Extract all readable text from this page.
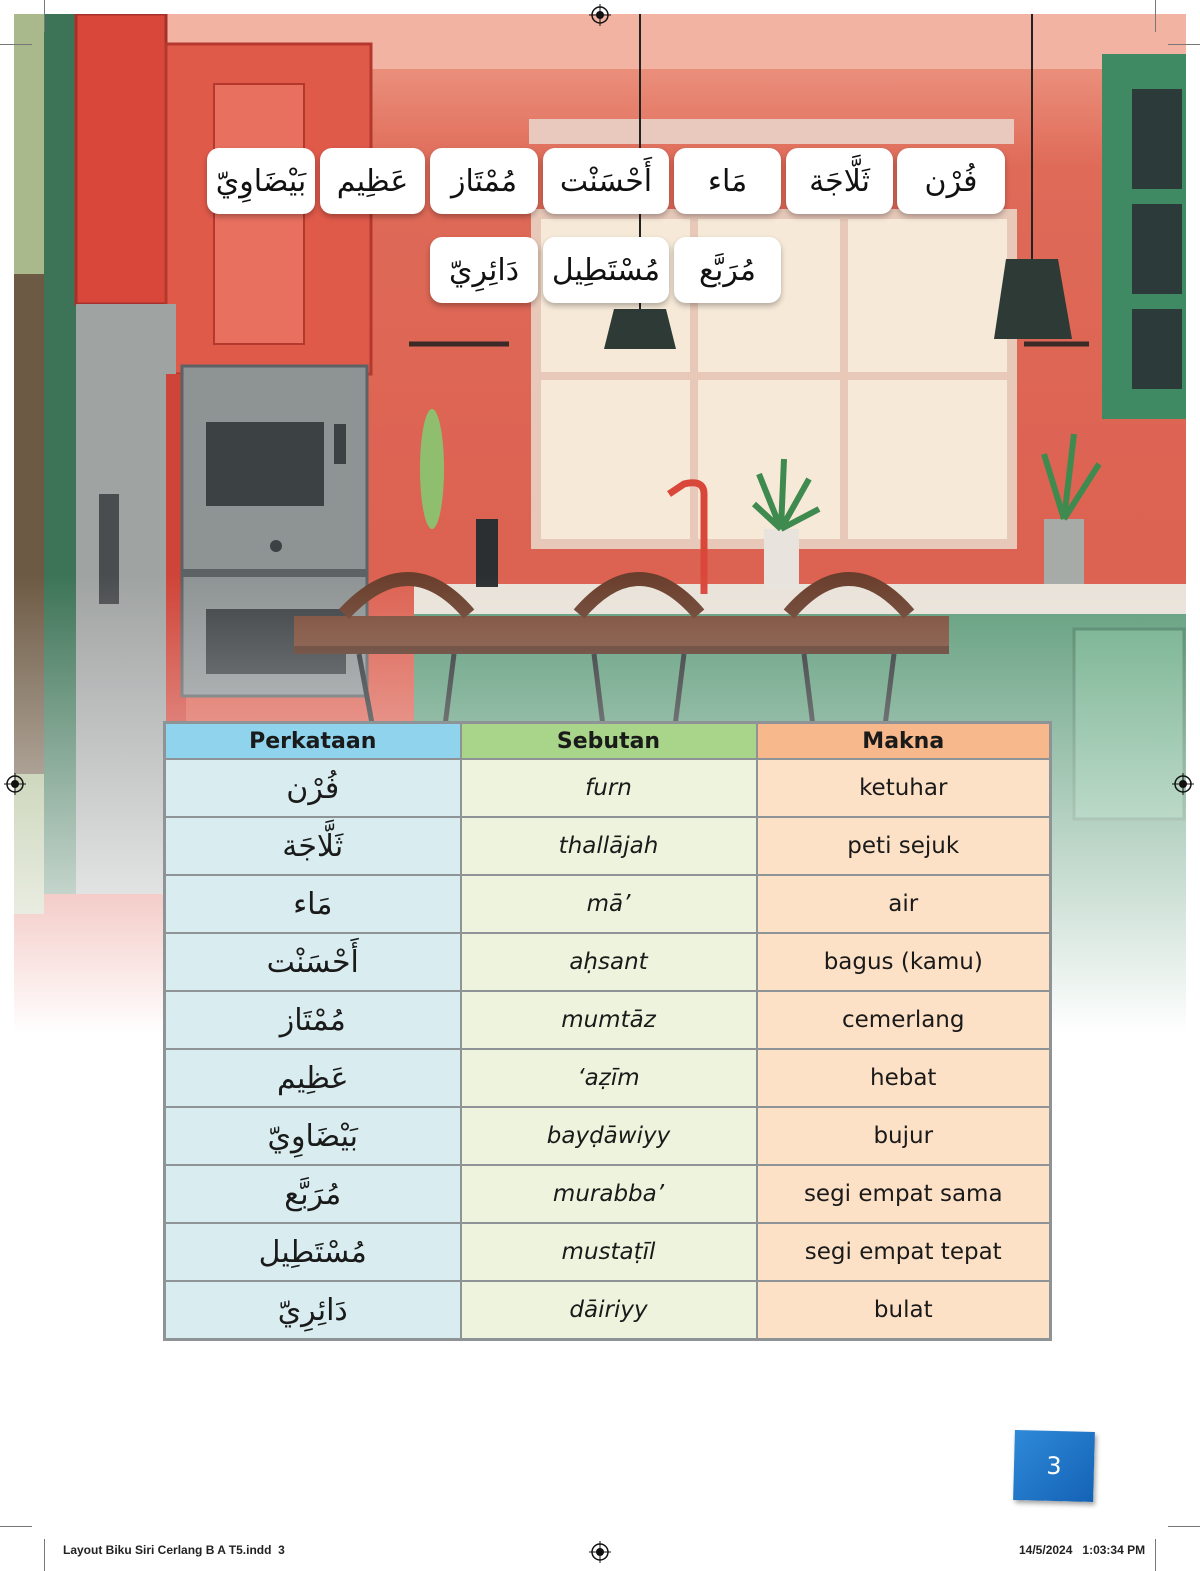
فُرْن
ثَلَّاجَة
مَاء
أَحْسَنْت
مُمْتَاز
عَظِيم
بَيْضَاوِيّ
مُرَبَّع
مُسْتَطِيل
دَائِرِيّ
Perkataan	Sebutan	Makna
فُرْن	furn	ketuhar
ثَلَّاجَة	thallājah	peti sejuk
مَاء	mā’	air
أَحْسَنْت	aḥsant	bagus (kamu)
مُمْتَاز	mumtāz	cemerlang
عَظِيم	‘aẓīm	hebat
بَيْضَاوِيّ	bayḍāwiyy	bujur
مُرَبَّع	murabba’	segi empat sama
مُسْتَطِيل	mustaṭīl	segi empat tepat
دَائِرِيّ	dāiriyy	bulat
3
Layout Biku Siri Cerlang B A T5.indd 3	14/5/2024 1:03:34 PM
